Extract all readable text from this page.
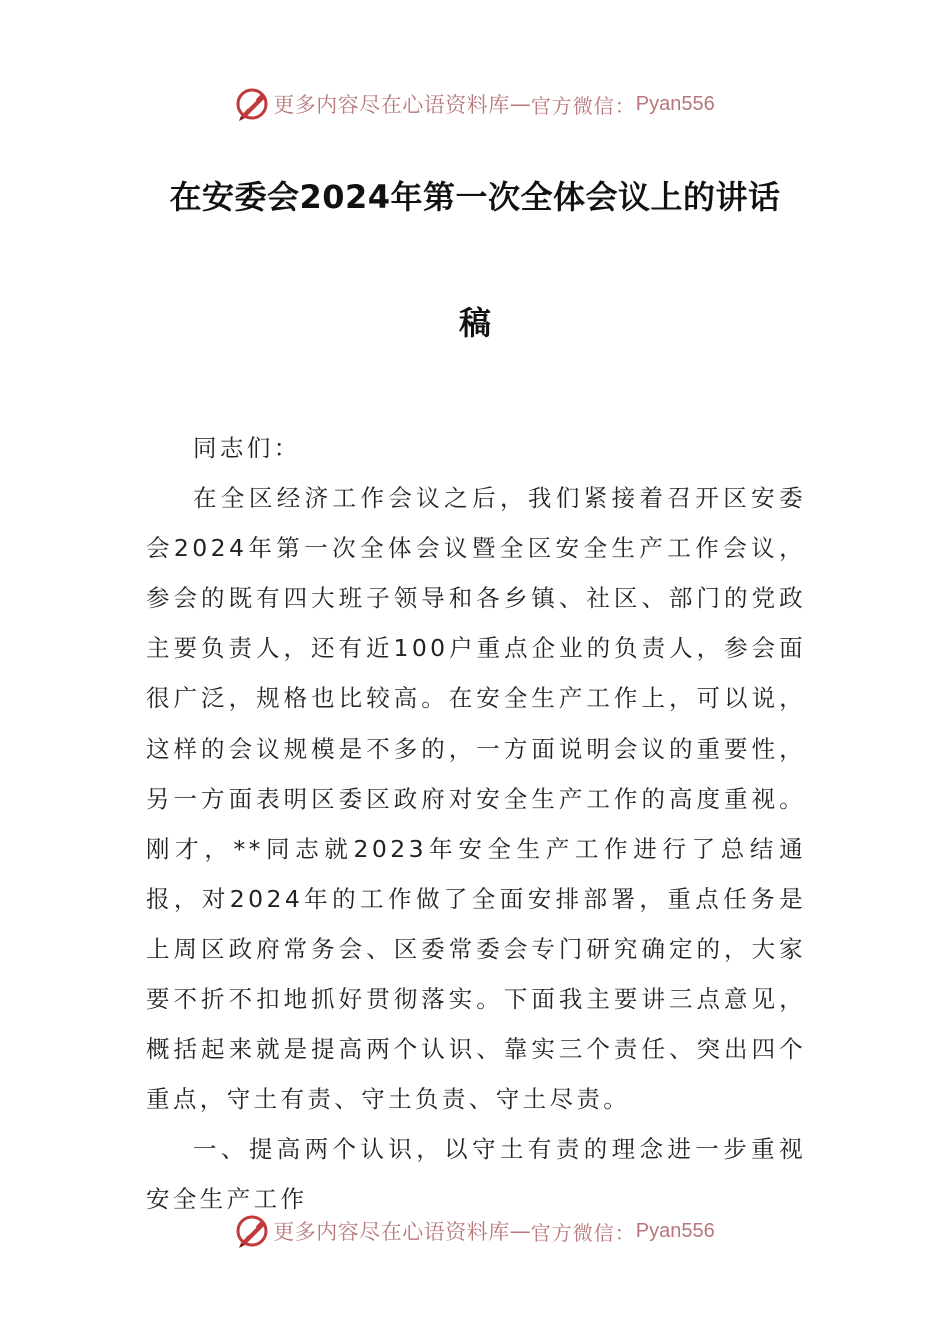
更多内容尽在心语资料库 — 官方微信： Pyan556
在安委会2024年第一次全体会议上的讲话
稿

同志们：

在全区经济工作会议之后，我们紧接着召开区安委会2024年第一次全体会议暨全区安全生产工作会议，参会的既有四大班子领导和各乡镇、社区、部门的党政主要负责人，还有近100户重点企业的负责人，参会面很广泛，规格也比较高。在安全生产工作上，可以说，这样的会议规模是不多的，一方面说明会议的重要性，另一方面表明区委区政府对安全生产工作的高度重视。刚才，**同志就2023年安全生产工作进行了总结通报，对2024年的工作做了全面安排部署，重点任务是上周区政府常务会、区委常委会专门研究确定的，大家要不折不扣地抓好贯彻落实。下面我主要讲三点意见，概括起来就是提高两个认识、靠实三个责任、突出四个重点，守土有责、守土负责、守土尽责。

一、提高两个认识，以守土有责的理念进一步重视安全生产工作

更多内容尽在心语资料库 — 官方微信： Pyan556
